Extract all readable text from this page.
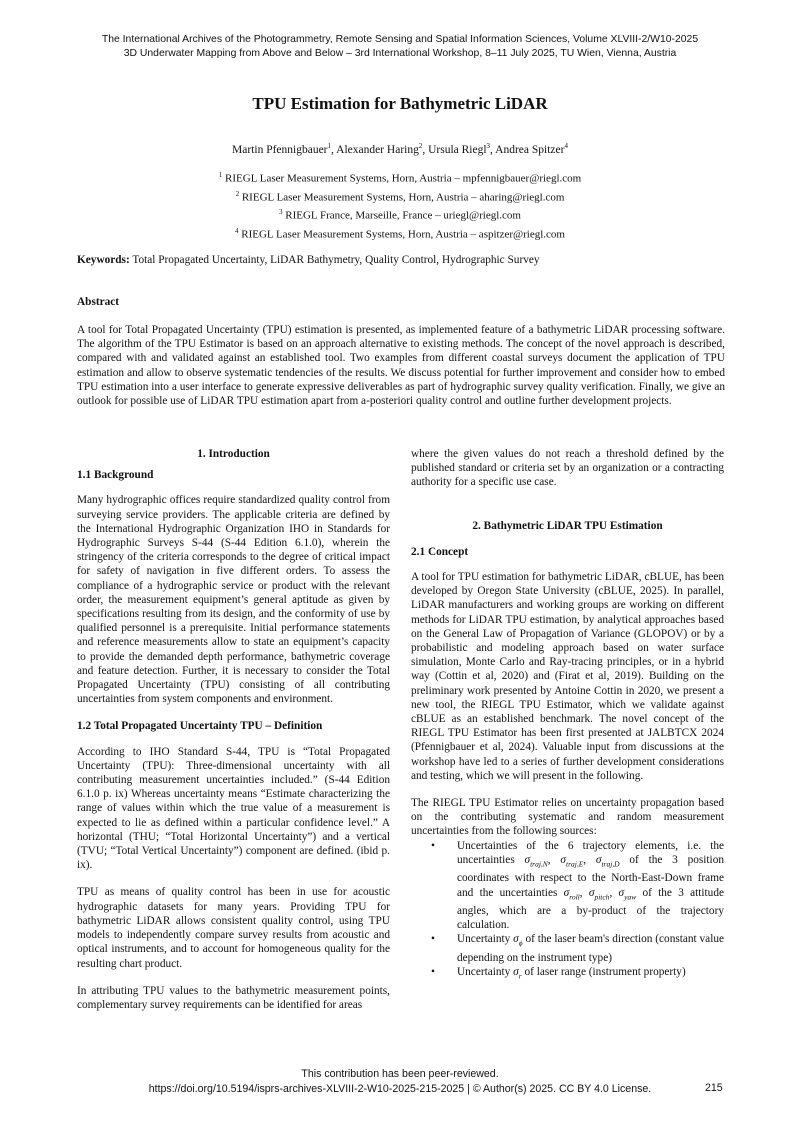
The International Archives of the Photogrammetry, Remote Sensing and Spatial Information Sciences, Volume XLVIII-2/W10-2025
3D Underwater Mapping from Above and Below – 3rd International Workshop, 8–11 July 2025, TU Wien, Vienna, Austria
TPU Estimation for Bathymetric LiDAR
Martin Pfennigbauer$^1$, Alexander Haring$^2$, Ursula Riegl$^3$, Andrea Spitzer$^4$
$^1$ RIEGL Laser Measurement Systems, Horn, Austria – mpfennigbauer@riegl.com
$^2$ RIEGL Laser Measurement Systems, Horn, Austria – aharing@riegl.com
$^3$ RIEGL France, Marseille, France – uriegl@riegl.com
$^4$ RIEGL Laser Measurement Systems, Horn, Austria – aspitzer@riegl.com
Keywords: Total Propagated Uncertainty, LiDAR Bathymetry, Quality Control, Hydrographic Survey
Abstract
A tool for Total Propagated Uncertainty (TPU) estimation is presented, as implemented feature of a bathymetric LiDAR processing software. The algorithm of the TPU Estimator is based on an approach alternative to existing methods. The concept of the novel approach is described, compared with and validated against an established tool. Two examples from different coastal surveys document the application of TPU estimation and allow to observe systematic tendencies of the results. We discuss potential for further improvement and consider how to embed TPU estimation into a user interface to generate expressive deliverables as part of hydrographic survey quality verification. Finally, we give an outlook for possible use of LiDAR TPU estimation apart from a-posteriori quality control and outline further development projects.

1. Introduction

1.1 Background

Many hydrographic offices require standardized quality control from surveying service providers. The applicable criteria are defined by the International Hydrographic Organization IHO in Standards for Hydrographic Surveys S-44 (S-44 Edition 6.1.0), wherein the stringency of the criteria corresponds to the degree of critical impact for safety of navigation in five different orders. To assess the compliance of a hydrographic service or product with the relevant order, the measurement equipment’s general aptitude as given by specifications resulting from its design, and the conformity of use by qualified personnel is a prerequisite. Initial performance statements and reference measurements allow to state an equipment’s capacity to provide the demanded depth performance, bathymetric coverage and feature detection. Further, it is necessary to consider the Total Propagated Uncertainty (TPU) consisting of all contributing uncertainties from system components and environment.

1.2 Total Propagated Uncertainty TPU – Definition

According to IHO Standard S-44, TPU is “Total Propagated Uncertainty (TPU): Three-dimensional uncertainty with all contributing measurement uncertainties included.” (S-44 Edition 6.1.0 p. ix) Whereas uncertainty means “Estimate characterizing the range of values within which the true value of a measurement is expected to lie as defined within a particular confidence level.” A horizontal (THU; “Total Horizontal Uncertainty”) and a vertical (TVU; “Total Vertical Uncertainty”) component are defined. (ibid p. ix).

TPU as means of quality control has been in use for acoustic hydrographic datasets for many years. Providing TPU for bathymetric LiDAR allows consistent quality control, using TPU models to independently compare survey results from acoustic and optical instruments, and to account for homogeneous quality for the resulting chart product.

In attributing TPU values to the bathymetric measurement points, complementary survey requirements can be identified for areas

where the given values do not reach a threshold defined by the published standard or criteria set by an organization or a contracting authority for a specific use case.

2. Bathymetric LiDAR TPU Estimation

2.1 Concept

A tool for TPU estimation for bathymetric LiDAR, cBLUE, has been developed by Oregon State University (cBLUE, 2025). In parallel, LiDAR manufacturers and working groups are working on different methods for LiDAR TPU estimation, by analytical approaches based on the General Law of Propagation of Variance (GLOPOV) or by a probabilistic and modeling approach based on water surface simulation, Monte Carlo and Ray-tracing principles, or in a hybrid way (Cottin et al, 2020) and (Firat et al, 2019). Building on the preliminary work presented by Antoine Cottin in 2020, we present a new tool, the RIEGL TPU Estimator, which we validate against cBLUE as an established benchmark. The novel concept of the RIEGL TPU Estimator has been first presented at JALBTCX 2024 (Pfennigbauer et al, 2024). Valuable input from discussions at the workshop have led to a series of further development considerations and testing, which we will present in the following.

The RIEGL TPU Estimator relies on uncertainty propagation based on the contributing systematic and random measurement uncertainties from the following sources:

• Uncertainties of the 6 trajectory elements, i.e. the uncertainties $\sigma_{traj,N}$, $\sigma_{traj,E}$, $\sigma_{traj,D}$ of the 3 position coordinates with respect to the North-East-Down frame and the uncertainties $\sigma_{roll}$, $\sigma_{pitch}$, $\sigma_{yaw}$ of the 3 attitude angles, which are a by-product of the trajectory calculation.
• Uncertainty $\sigma_\phi$ of the laser beam's direction (constant value depending on the instrument type)
• Uncertainty $\sigma_r$ of laser range (instrument property)
This contribution has been peer-reviewed.
https://doi.org/10.5194/isprs-archives-XLVIII-2-W10-2025-215-2025 | © Author(s) 2025. CC BY 4.0 License.	215
